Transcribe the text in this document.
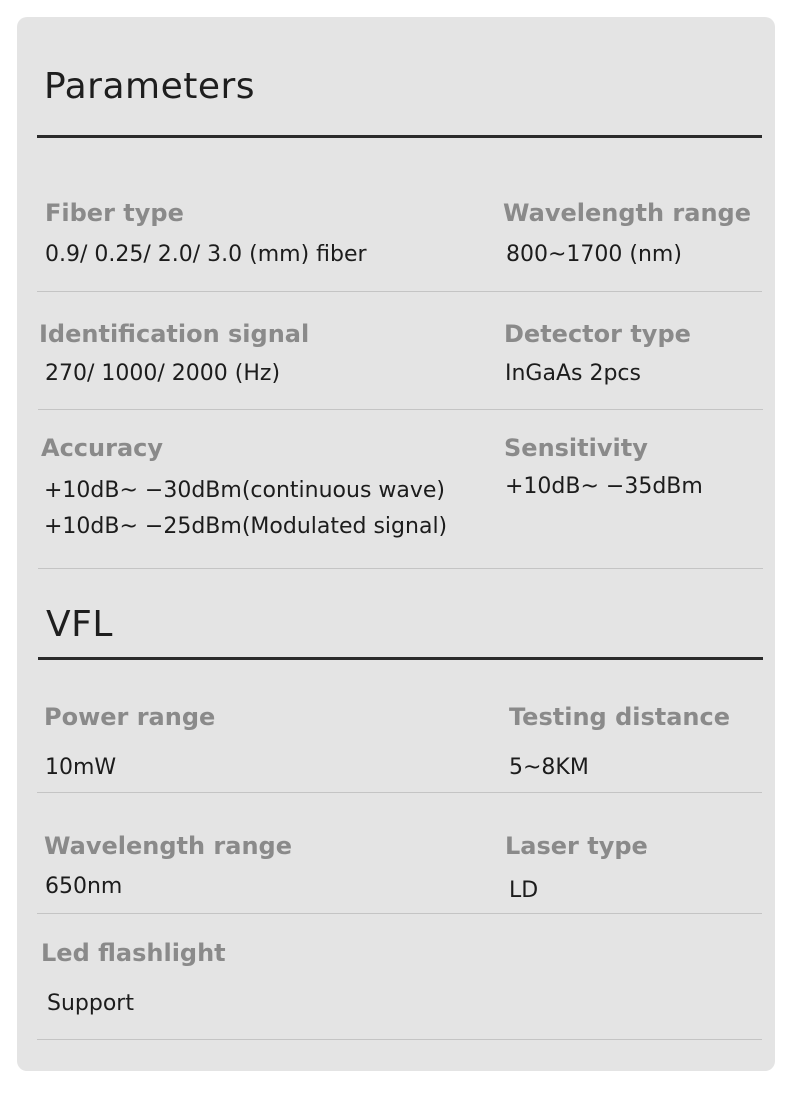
Parameters
Fiber type
0.9/ 0.25/ 2.0/ 3.0 (mm) fiber
Wavelength range
800~1700 (nm)
Identification signal
270/ 1000/ 2000 (Hz)
Detector type
InGaAs 2pcs
Accuracy
+10dB~ −30dBm(continuous wave)
+10dB~ −25dBm(Modulated signal)
Sensitivity
+10dB~ −35dBm
VFL
Power range
10mW
Testing distance
5~8KM
Wavelength range
650nm
Laser type
LD
Led flashlight
Support
